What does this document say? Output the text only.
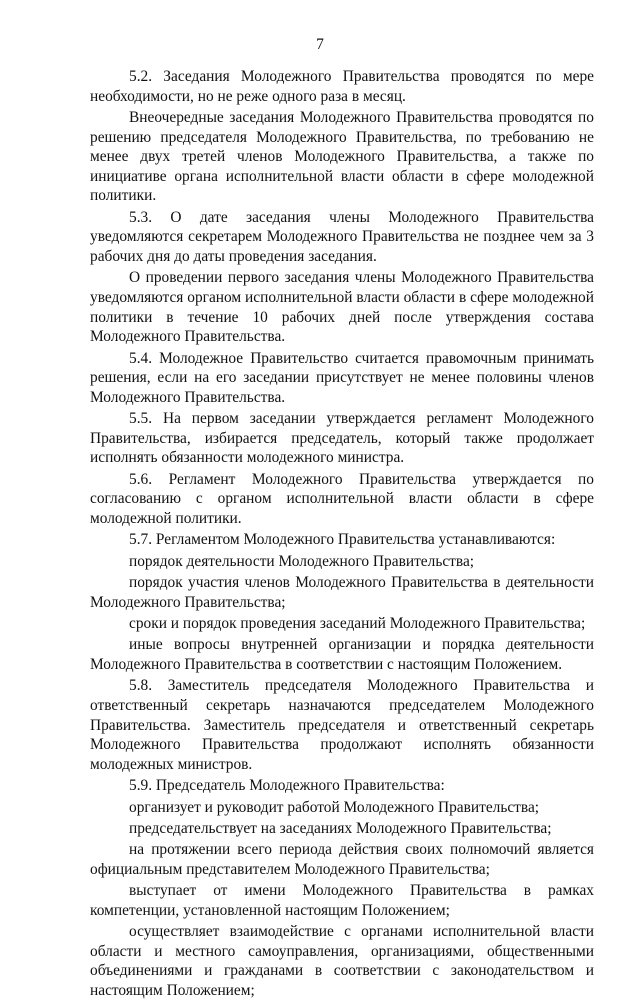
7

5.2. Заседания Молодежного Правительства проводятся по мере необходимости, но не реже одного раза в месяц.

Внеочередные заседания Молодежного Правительства проводятся по решению председателя Молодежного Правительства, по требованию не менее двух третей членов Молодежного Правительства, а также по инициативе органа исполнительной власти области в сфере молодежной политики.

5.3. О дате заседания члены Молодежного Правительства уведомляются секретарем Молодежного Правительства не позднее чем за 3 рабочих дня до даты проведения заседания.

О проведении первого заседания члены Молодежного Правительства уведомляются органом исполнительной власти области в сфере молодежной политики в течение 10 рабочих дней после утверждения состава Молодежного Правительства.

5.4. Молодежное Правительство считается правомочным принимать решения, если на его заседании присутствует не менее половины членов Молодежного Правительства.

5.5. На первом заседании утверждается регламент Молодежного Правительства, избирается председатель, который также продолжает исполнять обязанности молодежного министра.

5.6. Регламент Молодежного Правительства утверждается по согласованию с органом исполнительной власти области в сфере молодежной политики.

5.7. Регламентом Молодежного Правительства устанавливаются:

порядок деятельности Молодежного Правительства;

порядок участия членов Молодежного Правительства в деятельности Молодежного Правительства;

сроки и порядок проведения заседаний Молодежного Правительства;

иные вопросы внутренней организации и порядка деятельности Молодежного Правительства в соответствии с настоящим Положением.

5.8. Заместитель председателя Молодежного Правительства и ответственный секретарь назначаются председателем Молодежного Правительства. Заместитель председателя и ответственный секретарь Молодежного Правительства продолжают исполнять обязанности молодежных министров.

5.9. Председатель Молодежного Правительства:

организует и руководит работой Молодежного Правительства;

председательствует на заседаниях Молодежного Правительства;

на протяжении всего периода действия своих полномочий является официальным представителем Молодежного Правительства;

выступает от имени Молодежного Правительства в рамках компетенции, установленной настоящим Положением;

осуществляет взаимодействие с органами исполнительной власти области и местного самоуправления, организациями, общественными объединениями и гражданами в соответствии с законодательством и настоящим Положением;
